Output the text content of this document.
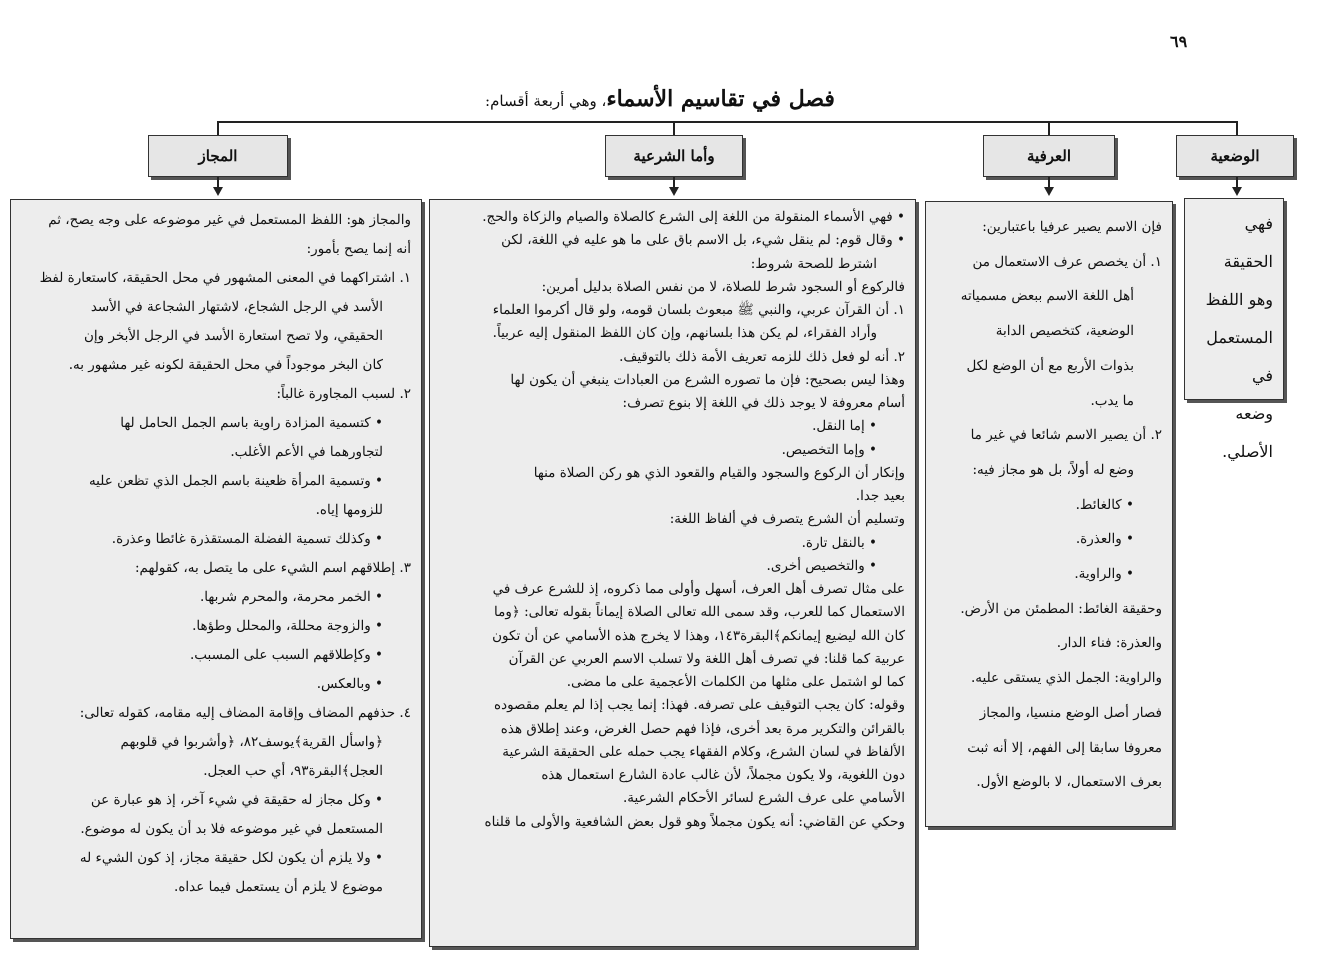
٦٩
فصل في تقاسيم الأسماء، وهي أربعة أقسام:
الوضعية
العرفية
وأما الشرعية
المجاز

فهي الحقيقة

وهو اللفظ

المستعمل في

وضعه

الأصلي.

فإن الاسم يصير عرفيا باعتبارين:

١. أن يخصص عرف الاستعمال من

أهل اللغة الاسم ببعض مسمياته

الوضعية، كتخصيص الدابة

بذوات الأربع مع أن الوضع لكل

ما يدب.

٢. أن يصير الاسم شائعا في غير ما

وضع له أولاً، بل هو مجاز فيه:

• كالغائط.

• والعذرة.

• والراوية.

وحقيقة الغائط: المطمئن من الأرض.

والعذرة: فناء الدار.

والراوية: الجمل الذي يستقى عليه.

فصار أصل الوضع منسيا، والمجاز

معروفا سابقا إلى الفهم، إلا أنه ثبت

بعرف الاستعمال، لا بالوضع الأول.

• فهي الأسماء المنقولة من اللغة إلى الشرع كالصلاة والصيام والزكاة والحج.

• وقال قوم: لم ينقل شيء، بل الاسم باق على ما هو عليه في اللغة، لكن

اشترط للصحة شروط:

فالركوع أو السجود شرط للصلاة، لا من نفس الصلاة بدليل أمرين:

١. أن القرآن عربي، والنبي ﷺ مبعوث بلسان قومه، ولو قال أكرموا العلماء

وأراد الفقراء، لم يكن هذا بلسانهم، وإن كان اللفظ المنقول إليه عربياً.

٢. أنه لو فعل ذلك للزمه تعريف الأمة ذلك بالتوقيف.

وهذا ليس بصحيح: فإن ما تصوره الشرع من العبادات ينبغي أن يكون لها

أسام معروفة لا يوجد ذلك في اللغة إلا بنوع تصرف:

• إما النقل.

• وإما التخصيص.

وإنكار أن الركوع والسجود والقيام والقعود الذي هو ركن الصلاة منها

بعيد جدا.

وتسليم أن الشرع يتصرف في ألفاظ اللغة:

• بالنقل تارة.

• والتخصيص أخرى.

على مثال تصرف أهل العرف، أسهل وأولى مما ذكروه، إذ للشرع عرف في

الاستعمال كما للعرب، وقد سمى الله تعالى الصلاة إيماناً بقوله تعالى: ﴿وما

كان الله ليضيع إيمانكم﴾البقرة١٤٣، وهذا لا يخرج هذه الأسامي عن أن تكون

عربية كما قلنا: في تصرف أهل اللغة ولا تسلب الاسم العربي عن القرآن

كما لو اشتمل على مثلها من الكلمات الأعجمية على ما مضى.

وقوله: كان يجب التوقيف على تصرفه. فهذا: إنما يجب إذا لم يعلم مقصوده

بالقرائن والتكرير مرة بعد أخرى، فإذا فهم حصل الغرض، وعند إطلاق هذه

الألفاظ في لسان الشرع، وكلام الفقهاء يجب حمله على الحقيقة الشرعية

دون اللغوية، ولا يكون مجملاً، لأن غالب عادة الشارع استعمال هذه

الأسامي على عرف الشرع لسائر الأحكام الشرعية.

وحكي عن القاضي: أنه يكون مجملاً وهو قول بعض الشافعية والأولى ما قلناه

والمجاز هو: اللفظ المستعمل في غير موضوعه على وجه يصح، ثم

أنه إنما يصح بأمور:

١. اشتراكهما في المعنى المشهور في محل الحقيقة، كاستعارة لفظ

الأسد في الرجل الشجاع، لاشتهار الشجاعة في الأسد

الحقيقي، ولا تصح استعارة الأسد في الرجل الأبخر وإن

كان البخر موجوداً في محل الحقيقة لكونه غير مشهور به.

٢. لسبب المجاورة غالباً:

• كتسمية المزادة راوية باسم الجمل الحامل لها

لتجاورهما في الأعم الأغلب.

• وتسمية المرأة ظعينة باسم الجمل الذي تظعن عليه

للزومها إياه.

• وكذلك تسمية الفضلة المستقذرة غائطا وعذرة.

٣. إطلاقهم اسم الشيء على ما يتصل به، كقولهم:

• الخمر محرمة، والمحرم شربها.

• والزوجة محللة، والمحلل وطؤها.

• وكإطلاقهم السبب على المسبب.

• وبالعكس.

٤. حذفهم المضاف وإقامة المضاف إليه مقامه، كقوله تعالى:

﴿واسأل القرية﴾يوسف٨٢، ﴿وأشربوا في قلوبهم

العجل﴾البقرة٩٣، أي حب العجل.

• وكل مجاز له حقيقة في شيء آخر، إذ هو عبارة عن

المستعمل في غير موضوعه فلا بد أن يكون له موضوع.

• ولا يلزم أن يكون لكل حقيقة مجاز، إذ كون الشيء له

موضوع لا يلزم أن يستعمل فيما عداه.
